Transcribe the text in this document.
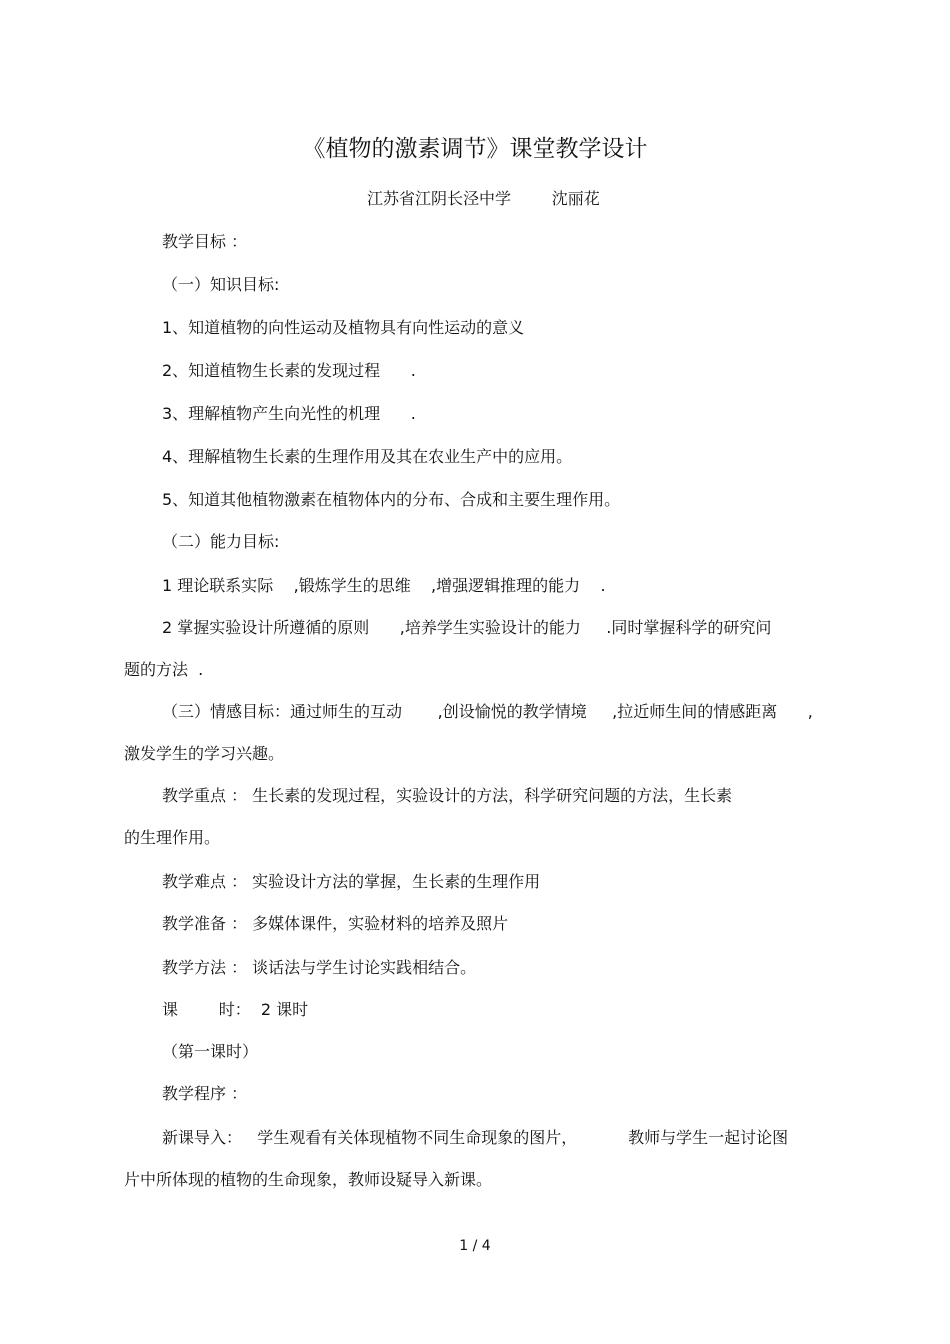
《植物的激素调节》课堂教学设计
江苏省江阴长泾中学        沈丽花
教学目标 ：
（一）知识目标:
1、知道植物的向性运动及植物具有向性运动的意义
2、知道植物生长素的发现过程      .
3、理解植物产生向光性的机理      .
4、理解植物生长素的生理作用及其在农业生产中的应用。
5、知道其他植物激素在植物体内的分布、合成和主要生理作用。
（二）能力目标:
1 理论联系实际    ,锻炼学生的思维    ,增强逻辑推理的能力    .
2 掌握实验设计所遵循的原则      ,培养学生实验设计的能力     .同时掌握科学的研究问
题的方法  .
（三）情感目标：通过师生的互动       ,创设愉悦的教学情境     ,拉近师生间的情感距离      ,
激发学生的学习兴趣。
教学重点 ： 生长素的发现过程，实验设计的方法，科学研究问题的方法，生长素
的生理作用。
教学难点 ： 实验设计方法的掌握，生长素的生理作用
教学准备 ： 多媒体课件，实验材料的培养及照片
教学方法 ： 谈话法与学生讨论实践相结合。
课        时：  2 课时
（第一课时）
教学程序 ：
新课导入：   学生观看有关体现植物不同生命现象的图片，          教师与学生一起讨论图
片中所体现的植物的生命现象，教师设疑导入新课。
1 / 4
